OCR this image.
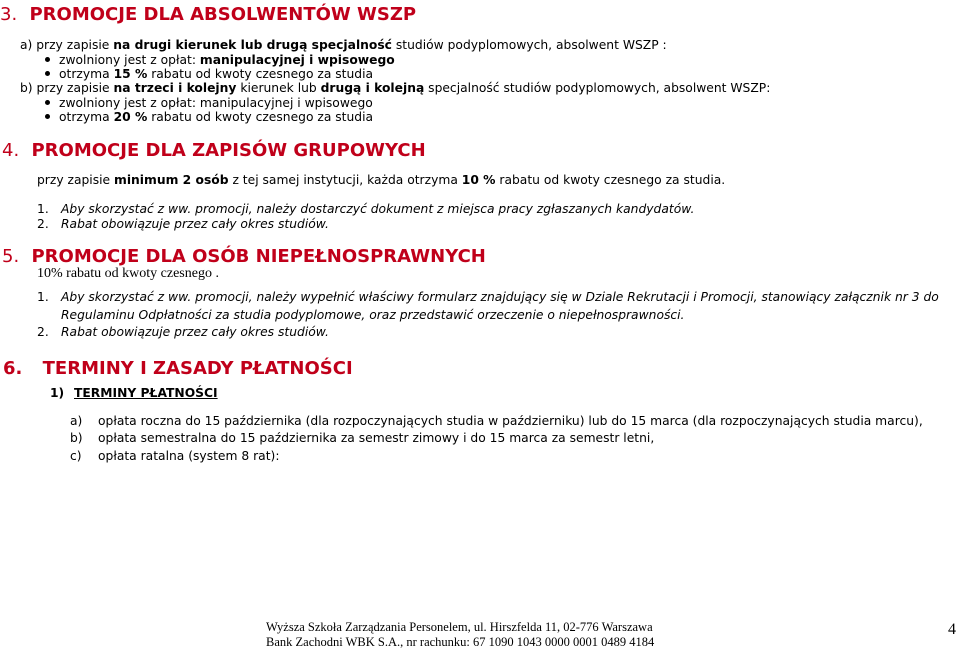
3. PROMOCJE DLA ABSOLWENTÓW WSZP
a) przy zapisie na drugi kierunek lub drugą specjalność studiów podyplomowych, absolwent WSZP :
zwolniony jest z opłat: manipulacyjnej i wpisowego
otrzyma 15 % rabatu od kwoty czesnego za studia
b) przy zapisie na trzeci i kolejny kierunek lub drugą i kolejną specjalność studiów podyplomowych, absolwent WSZP:
zwolniony jest z opłat: manipulacyjnej i wpisowego
otrzyma 20 % rabatu od kwoty czesnego za studia
4. PROMOCJE DLA ZAPISÓW GRUPOWYCH
przy zapisie minimum 2 osób z tej samej instytucji, każda otrzyma 10 % rabatu od kwoty czesnego za studia.
1. Aby skorzystać z ww. promocji, należy dostarczyć dokument z miejsca pracy zgłaszanych kandydatów.
2. Rabat obowiązuje przez cały okres studiów.
5. PROMOCJE DLA OSÓB NIEPEŁNOSPRAWNYCH
10% rabatu od kwoty czesnego .
1. Aby skorzystać z ww. promocji, należy wypełnić właściwy formularz znajdujący się w Dziale Rekrutacji i Promocji, stanowiący załącznik nr 3 do
Regulaminu Odpłatności za studia podyplomowe, oraz przedstawić orzeczenie o niepełnosprawności.
2. Rabat obowiązuje przez cały okres studiów.
6. TERMINY I ZASADY PŁATNOŚCI
1) TERMINY PŁATNOŚCI
a) opłata roczna do 15 października (dla rozpoczynających studia w październiku) lub do 15 marca (dla rozpoczynających studia marcu),
b) opłata semestralna do 15 października za semestr zimowy i do 15 marca za semestr letni,
c) opłata ratalna (system 8 rat):
Wyższa Szkoła Zarządzania Personelem, ul. Hirszfelda 11, 02-776 Warszawa
Bank Zachodni WBK S.A., nr rachunku: 67 1090 1043 0000 0001 0489 4184
4
